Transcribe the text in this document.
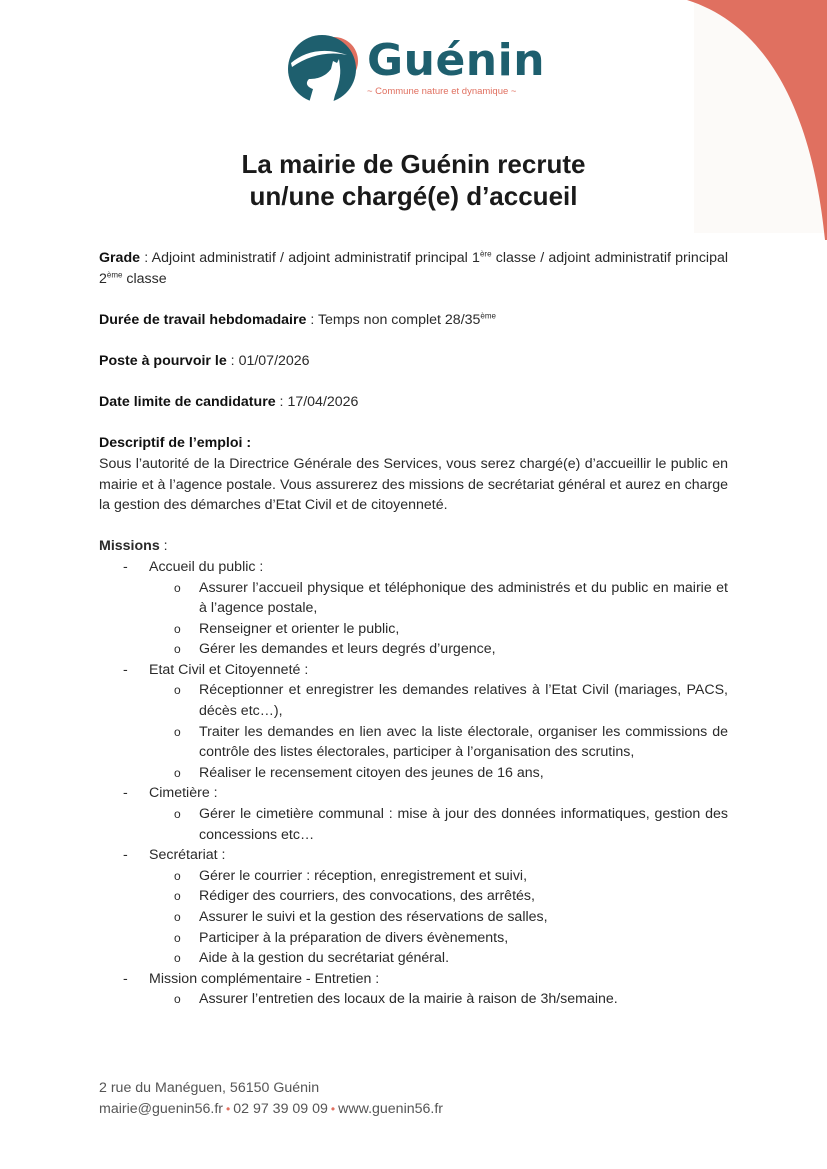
Guénin
~ Commune nature et dynamique ~
La mairie de Guénin recrute
un/une chargé(e) d’accueil

Grade : Adjoint administratif / adjoint administratif principal 1ère classe / adjoint administratif principal 2ème classe

Durée de travail hebdomadaire : Temps non complet 28/35ème

Poste à pourvoir le : 01/07/2026

Date limite de candidature : 17/04/2026

Descriptif de l’emploi :
Sous l’autorité de la Directrice Générale des Services, vous serez chargé(e) d’accueillir le public en mairie et à l’agence postale. Vous assurerez des missions de secrétariat général et aurez en charge la gestion des démarches d’Etat Civil et de citoyenneté.
Missions :
- Accueil du public :
o Assurer l’accueil physique et téléphonique des administrés et du public en mairie et à l’agence postale,
o Renseigner et orienter le public,
o Gérer les demandes et leurs degrés d’urgence,
- Etat Civil et Citoyenneté :
o Réceptionner et enregistrer les demandes relatives à l’Etat Civil (mariages, PACS, décès etc…),
o Traiter les demandes en lien avec la liste électorale, organiser les commissions de contrôle des listes électorales, participer à l’organisation des scrutins,
o Réaliser le recensement citoyen des jeunes de 16 ans,
- Cimetière :
o Gérer le cimetière communal : mise à jour des données informatiques, gestion des concessions etc…
- Secrétariat :
o Gérer le courrier : réception, enregistrement et suivi,
o Rédiger des courriers, des convocations, des arrêtés,
o Assurer le suivi et la gestion des réservations de salles,
o Participer à la préparation de divers évènements,
o Aide à la gestion du secrétariat général.
- Mission complémentaire - Entretien :
o Assurer l’entretien des locaux de la mairie à raison de 3h/semaine.
2 rue du Manéguen, 56150 Guénin
mairie@guenin56.fr • 02 97 39 09 09 • www.guenin56.fr
